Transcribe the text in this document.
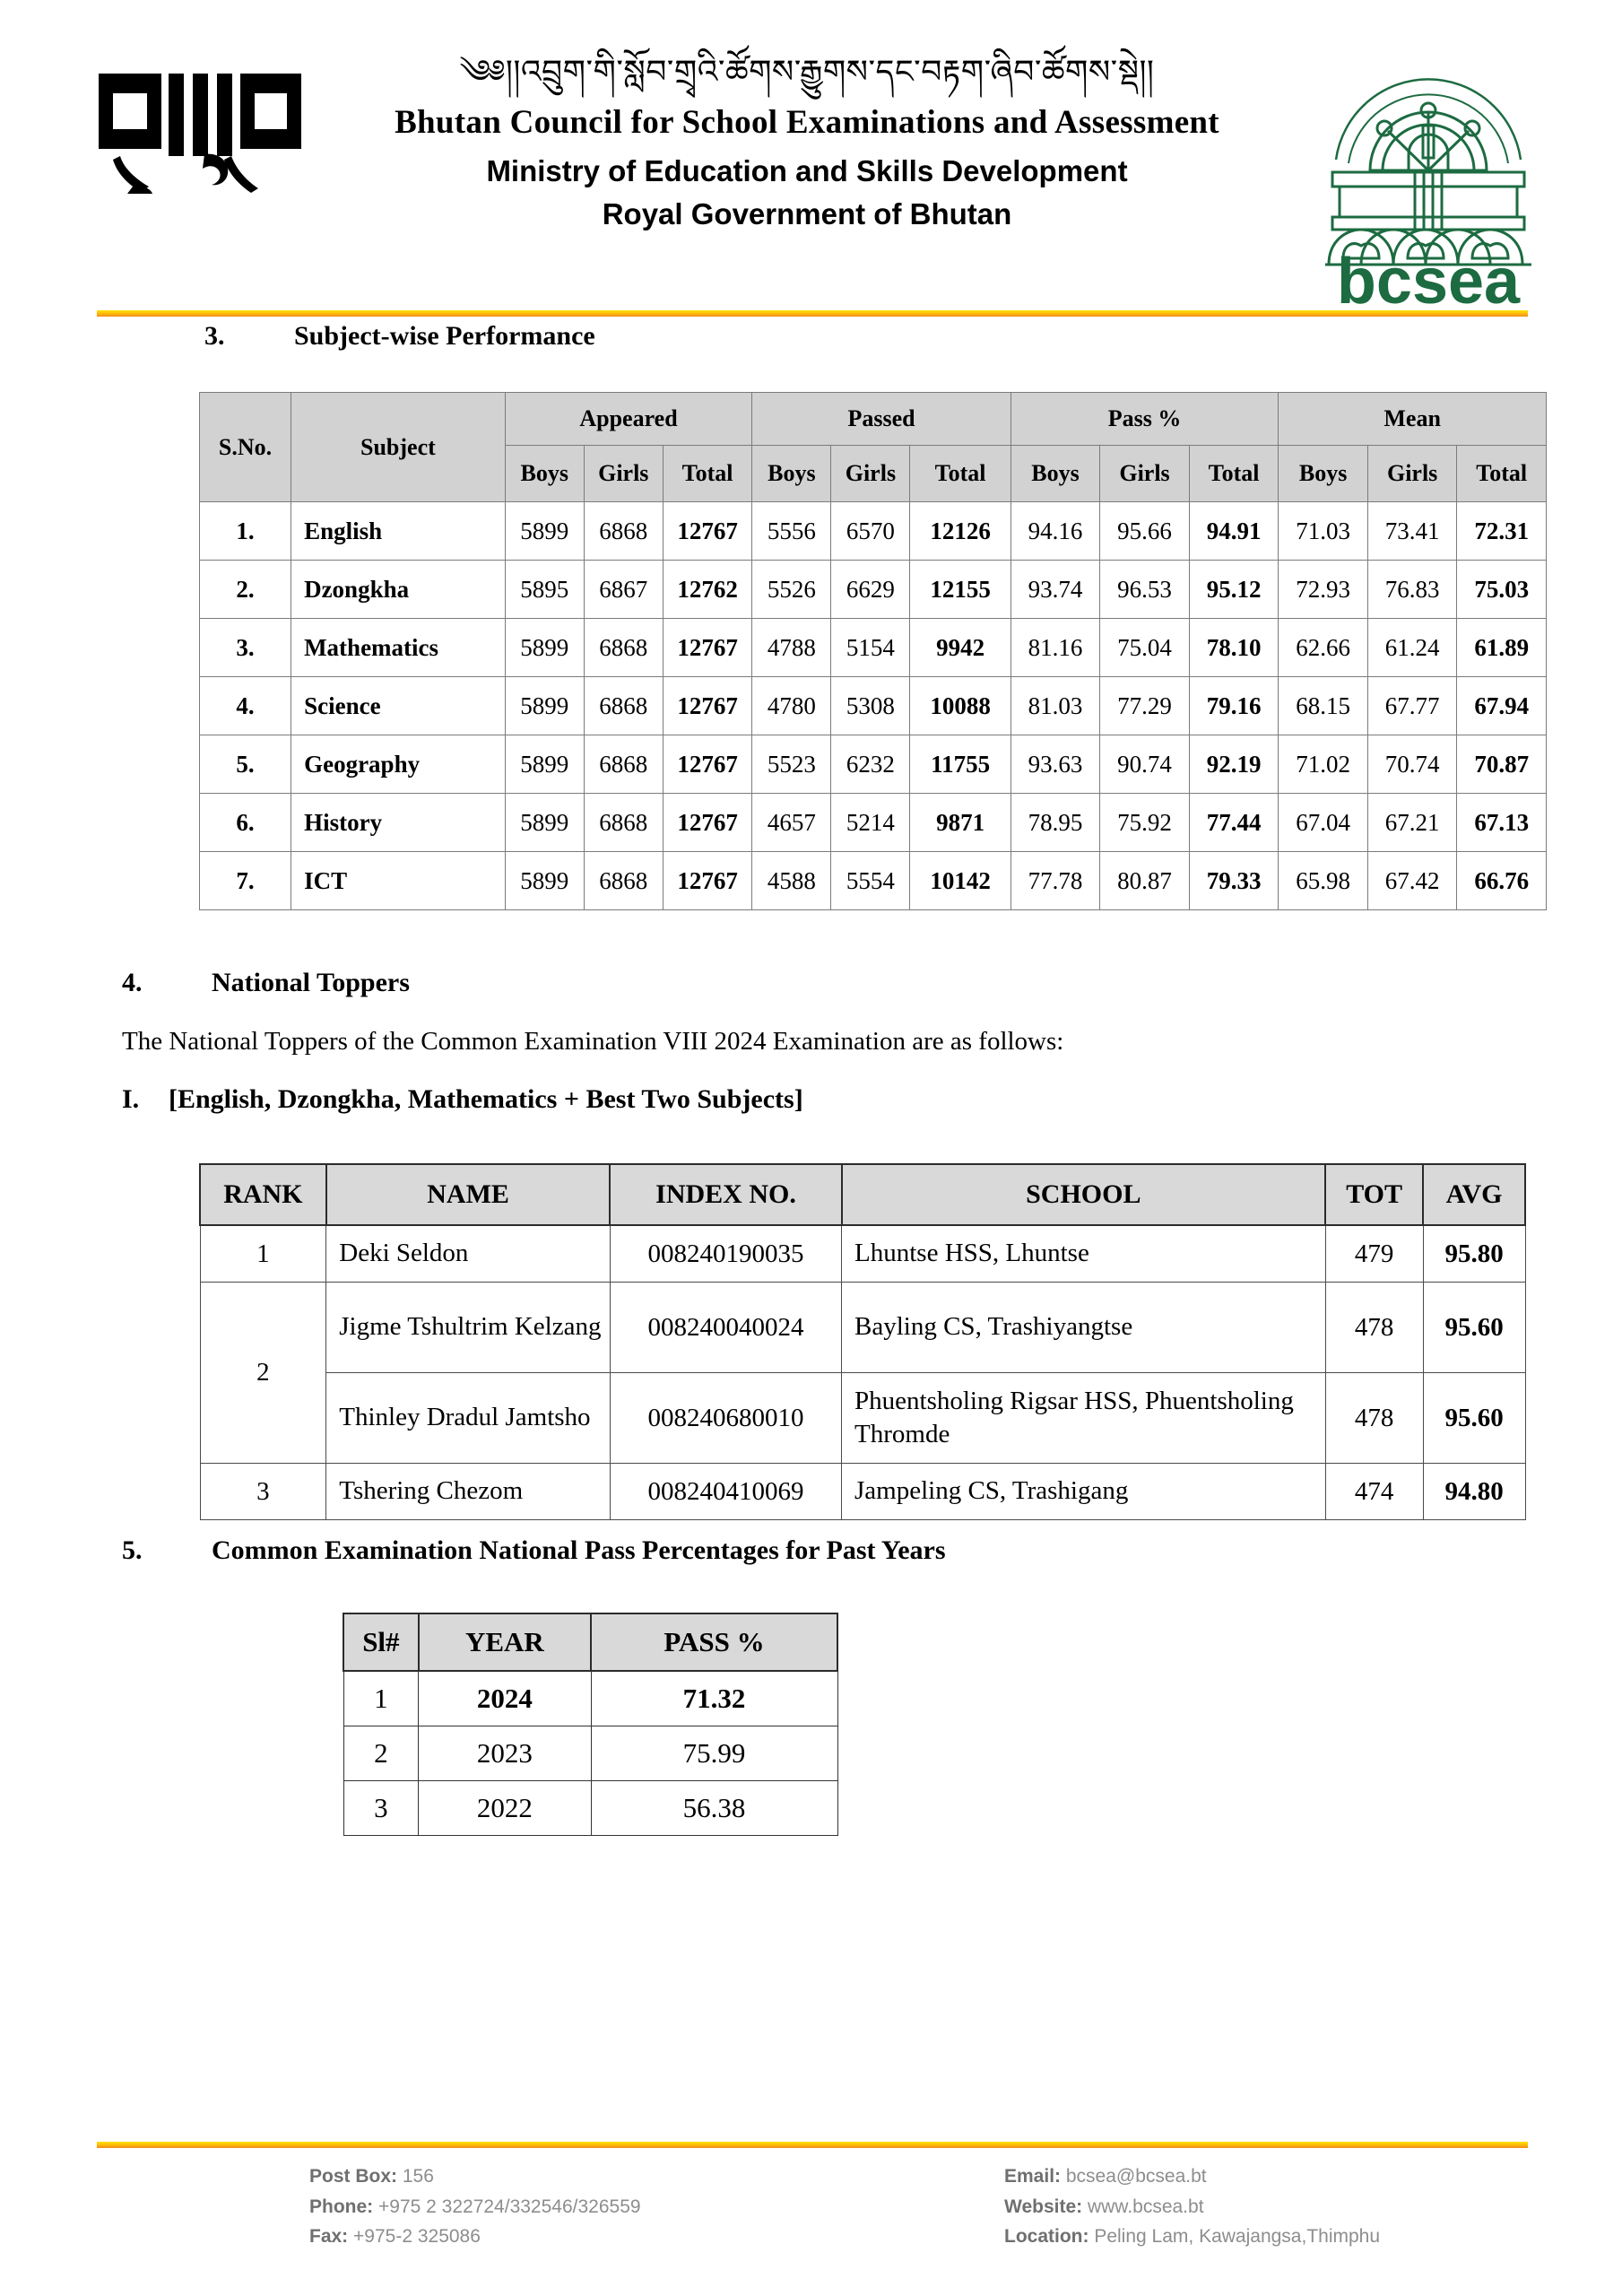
༄༅།།འབྲུག་གི་སློབ་གྲྭའི་ཚོགས་རྒྱུགས་དང་བརྟག་ཞིབ་ཚོགས་སྡེ།།
Bhutan Council for School Examinations and Assessment
Ministry of Education and Skills Development
Royal Government of Bhutan
bcsea
3.	Subject-wise Performance
S.No.	Subject	Appeared			Passed			Pass %			Mean		
		Boys	Girls	Total	Boys	Girls	Total	Boys	Girls	Total	Boys	Girls	Total
1.	English	5899	6868	12767	5556	6570	12126	94.16	95.66	94.91	71.03	73.41	72.31
2.	Dzongkha	5895	6867	12762	5526	6629	12155	93.74	96.53	95.12	72.93	76.83	75.03
3.	Mathematics	5899	6868	12767	4788	5154	9942	81.16	75.04	78.10	62.66	61.24	61.89
4.	Science	5899	6868	12767	4780	5308	10088	81.03	77.29	79.16	68.15	67.77	67.94
5.	Geography	5899	6868	12767	5523	6232	11755	93.63	90.74	92.19	71.02	70.74	70.87
6.	History	5899	6868	12767	4657	5214	9871	78.95	75.92	77.44	67.04	67.21	67.13
7.	ICT	5899	6868	12767	4588	5554	10142	77.78	80.87	79.33	65.98	67.42	66.76
4.	National Toppers
The National Toppers of the Common Examination VIII 2024 Examination are as follows:
I. [English, Dzongkha, Mathematics + Best Two Subjects]
RANK	NAME	INDEX NO.	SCHOOL	TOT	AVG
1	Deki Seldon	008240190035	Lhuntse HSS, Lhuntse	479	95.80
2	Jigme Tshultrim Kelzang	008240040024	Bayling CS, Trashiyangtse	478	95.60
	Thinley Dradul Jamtsho	008240680010	Phuentsholing Rigsar HSS, Phuentsholing Thromde	478	95.60
3	Tshering Chezom	008240410069	Jampeling CS, Trashigang	474	94.80
5.	Common Examination National Pass Percentages for Past Years
Sl#	YEAR	PASS %
1	2024	71.32
2	2023	75.99
3	2022	56.38
Post Box: 156
Phone: +975 2 322724/332546/326559
Fax: +975-2 325086
Email: bcsea@bcsea.bt
Website: www.bcsea.bt
Location: Peling Lam, Kawajangsa,Thimphu
